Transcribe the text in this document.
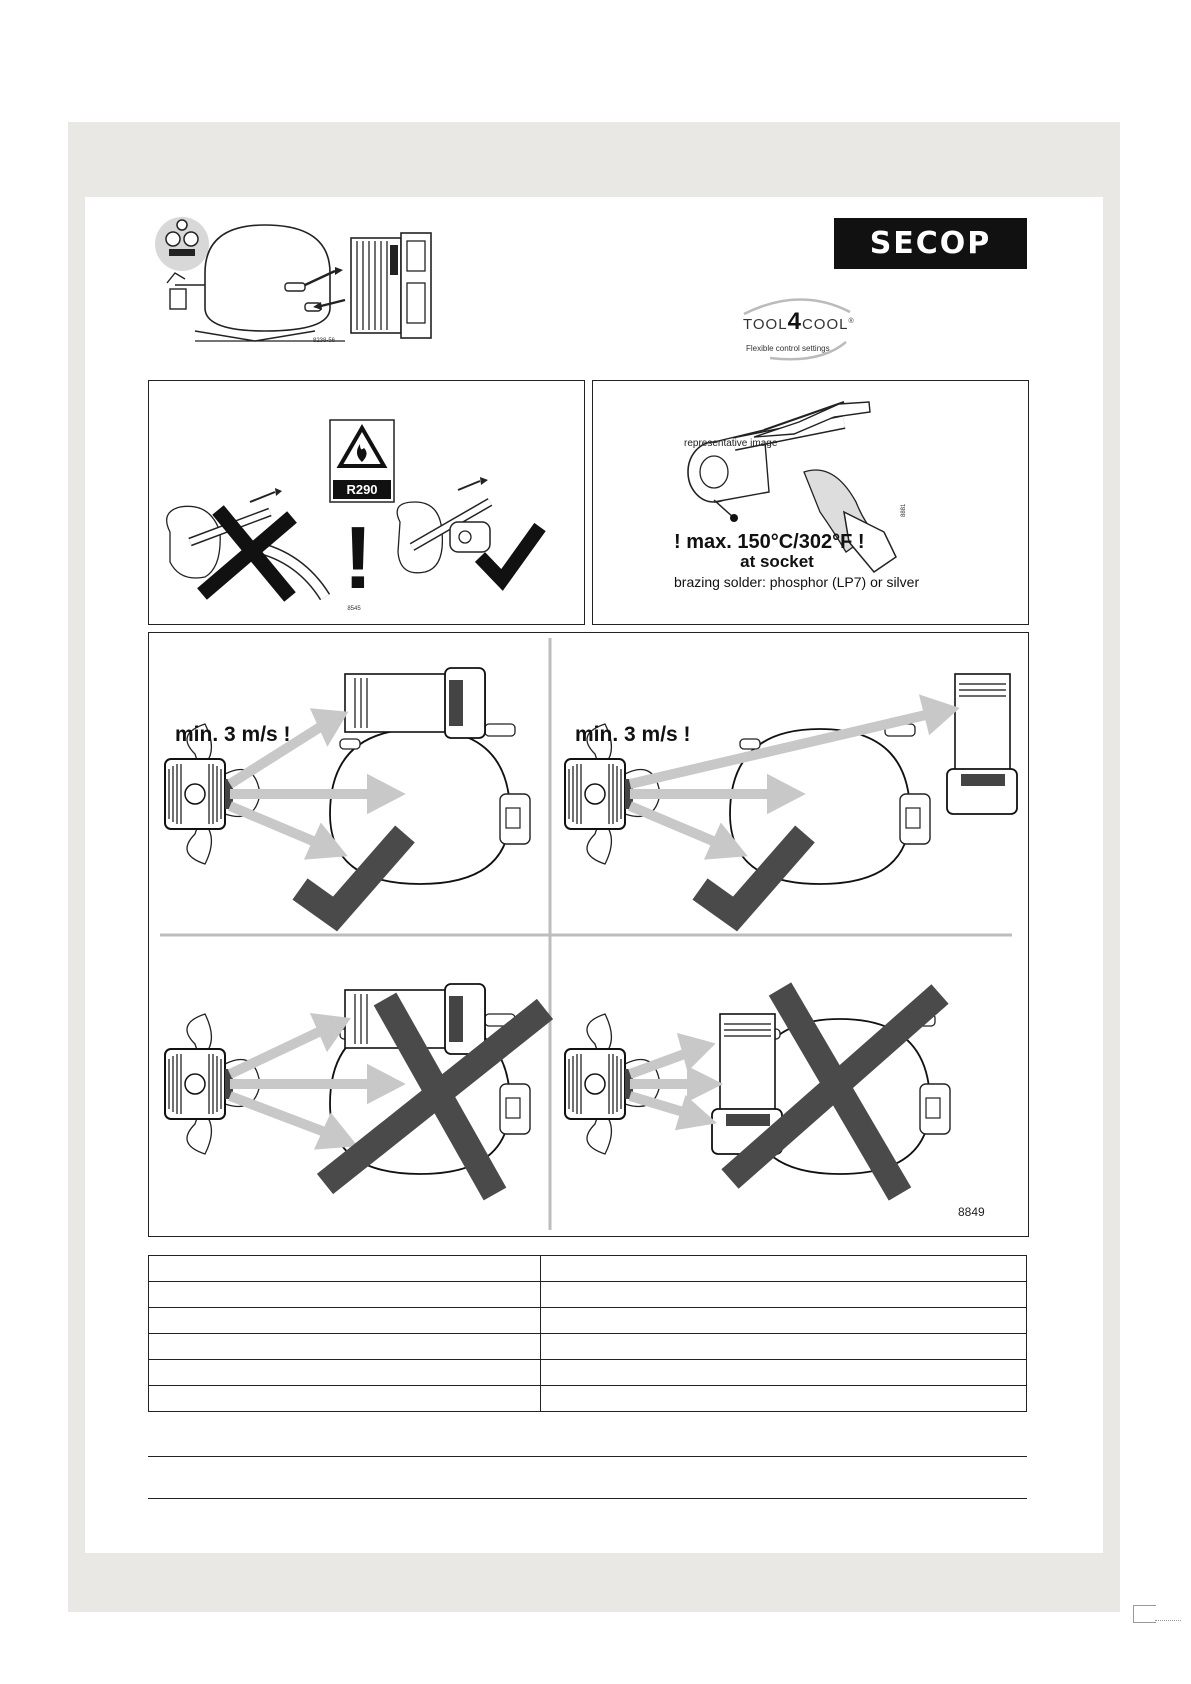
8238-56
SECOP
TOOL4COOL®
Flexible control settings
R290
!
8545
representative image
8881
! max. 150°C/302°F !
at socket
brazing solder: phosphor (LP7) or silver
min. 3 m/s !	min. 3 m/s !
8849
